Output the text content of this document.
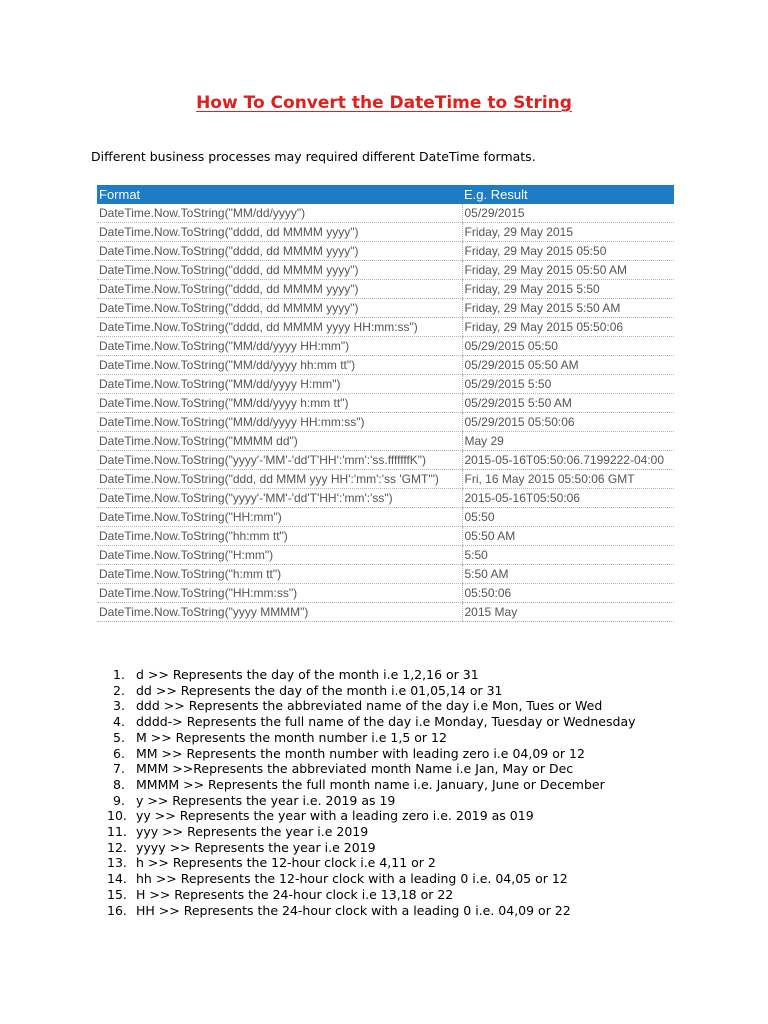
How To Convert the DateTime to String

Different business processes may required different DateTime formats.

Format	E.g. Result
DateTime.Now.ToString("MM/dd/yyyy")	05/29/2015
DateTime.Now.ToString("dddd, dd MMMM yyyy")	Friday, 29 May 2015
DateTime.Now.ToString("dddd, dd MMMM yyyy")	Friday, 29 May 2015 05:50
DateTime.Now.ToString("dddd, dd MMMM yyyy")	Friday, 29 May 2015 05:50 AM
DateTime.Now.ToString("dddd, dd MMMM yyyy")	Friday, 29 May 2015 5:50
DateTime.Now.ToString("dddd, dd MMMM yyyy")	Friday, 29 May 2015 5:50 AM
DateTime.Now.ToString("dddd, dd MMMM yyyy HH:mm:ss")	Friday, 29 May 2015 05:50:06
DateTime.Now.ToString("MM/dd/yyyy HH:mm")	05/29/2015 05:50
DateTime.Now.ToString("MM/dd/yyyy hh:mm tt")	05/29/2015 05:50 AM
DateTime.Now.ToString("MM/dd/yyyy H:mm")	05/29/2015 5:50
DateTime.Now.ToString("MM/dd/yyyy h:mm tt")	05/29/2015 5:50 AM
DateTime.Now.ToString("MM/dd/yyyy HH:mm:ss")	05/29/2015 05:50:06
DateTime.Now.ToString("MMMM dd")	May 29
DateTime.Now.ToString("yyyy'-'MM'-'dd'T'HH':'mm':'ss.fffffffK")	2015-05-16T05:50:06.7199222-04:00
DateTime.Now.ToString("ddd, dd MMM yyy HH':'mm':'ss 'GMT'")	Fri, 16 May 2015 05:50:06 GMT
DateTime.Now.ToString("yyyy'-'MM'-'dd'T'HH':'mm':'ss")	2015-05-16T05:50:06
DateTime.Now.ToString("HH:mm")	05:50
DateTime.Now.ToString("hh:mm tt")	05:50 AM
DateTime.Now.ToString("H:mm")	5:50
DateTime.Now.ToString("h:mm tt")	5:50 AM
DateTime.Now.ToString("HH:mm:ss")	05:50:06
DateTime.Now.ToString("yyyy MMMM")	2015 May
1. d >> Represents the day of the month i.e 1,2,16 or 31
2. dd >> Represents the day of the month i.e 01,05,14 or 31
3. ddd >> Represents the abbreviated name of the day i.e Mon, Tues or Wed
4. dddd-> Represents the full name of the day i.e Monday, Tuesday or Wednesday
5. M >> Represents the month number i.e 1,5 or 12
6. MM >> Represents the month number with leading zero i.e 04,09 or 12
7. MMM >>Represents the abbreviated month Name i.e Jan, May or Dec
8. MMMM >> Represents the full month name i.e. January, June or December
9. y >> Represents the year i.e. 2019 as 19
10. yy >> Represents the year with a leading zero i.e. 2019 as 019
11. yyy >> Represents the year i.e 2019
12. yyyy >> Represents the year i.e 2019
13. h >> Represents the 12-hour clock i.e 4,11 or 2
14. hh >> Represents the 12-hour clock with a leading 0 i.e. 04,05 or 12
15. H >> Represents the 24-hour clock i.e 13,18 or 22
16. HH >> Represents the 24-hour clock with a leading 0 i.e. 04,09 or 22
